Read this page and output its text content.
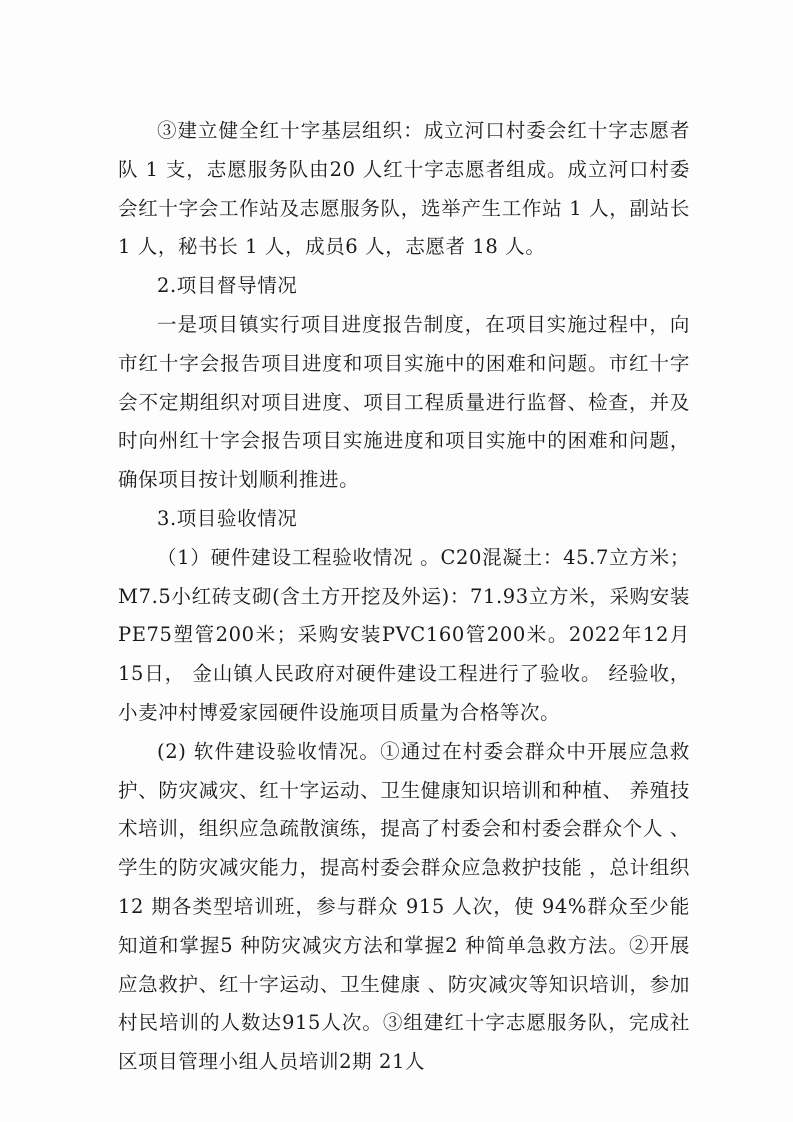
③建立健全红十字基层组织：成立河口村委会红十字志愿者队 1 支，志愿服务队由20 人红十字志愿者组成。成立河口村委会红十字会工作站及志愿服务队，选举产生工作站 1 人，副站长 1 人，秘书长 1 人，成员6 人，志愿者 18 人。

2.项目督导情况

一是项目镇实行项目进度报告制度，在项目实施过程中，向市红十字会报告项目进度和项目实施中的困难和问题。市红十字会不定期组织对项目进度、项目工程质量进行监督、检查，并及时向州红十字会报告项目实施进度和项目实施中的困难和问题，确保项目按计划顺利推进。

3.项目验收情况

（1）硬件建设工程验收情况 。C20混凝土：45.7立方米；M7.5小红砖支砌(含土方开挖及外运)：71.93立方米，采购安装PE75塑管200米；采购安装PVC160管200米。2022年12月15日， 金山镇人民政府对硬件建设工程进行了验收。 经验收，小麦冲村博爱家园硬件设施项目质量为合格等次。

(2) 软件建设验收情况。①通过在村委会群众中开展应急救护、防灾减灾、红十字运动、卫生健康知识培训和种植、 养殖技术培训，组织应急疏散演练，提高了村委会和村委会群众个人 、学生的防灾减灾能力，提高村委会群众应急救护技能 ，总计组织 12 期各类型培训班，参与群众 915 人次，使 94%群众至少能知道和掌握5 种防灾减灾方法和掌握2 种简单急救方法。②开展应急救护、红十字运动、卫生健康 、防灾减灾等知识培训，参加村民培训的人数达915人次。③组建红十字志愿服务队，完成社区项目管理小组人员培训2期 21人
